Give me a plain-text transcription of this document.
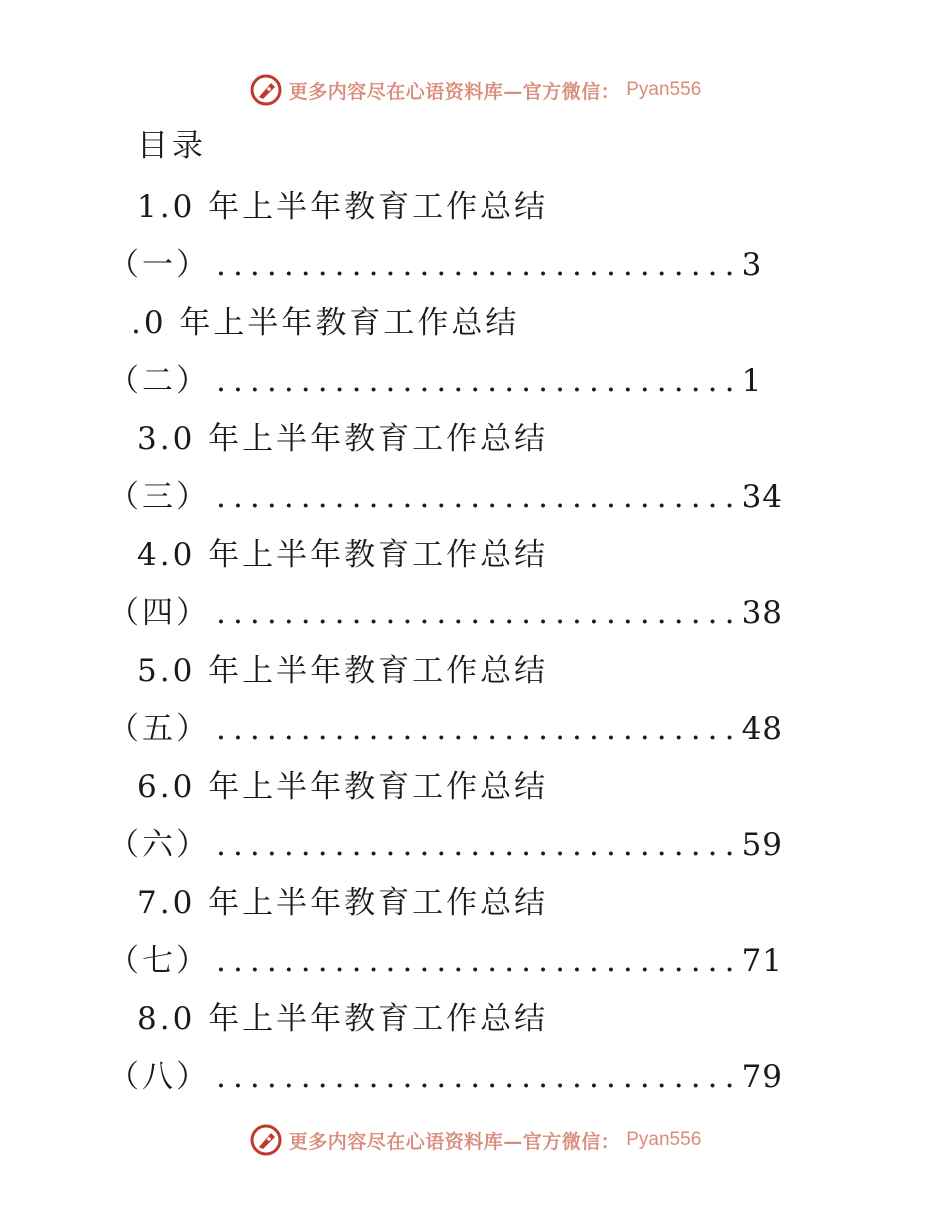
更多内容尽在心语资料库—官方微信： Pyan556
目录
1.0 年上半年教育工作总结
（一） ............................... 3
.0 年上半年教育工作总结
（二） ............................... 1
3.0 年上半年教育工作总结
（三） ............................... 34
4.0 年上半年教育工作总结
（四） ............................... 38
5.0 年上半年教育工作总结
（五） ............................... 48
6.0 年上半年教育工作总结
（六） ............................... 59
7.0 年上半年教育工作总结
（七） ............................... 71
8.0 年上半年教育工作总结
（八） ............................... 79
更多内容尽在心语资料库—官方微信： Pyan556
